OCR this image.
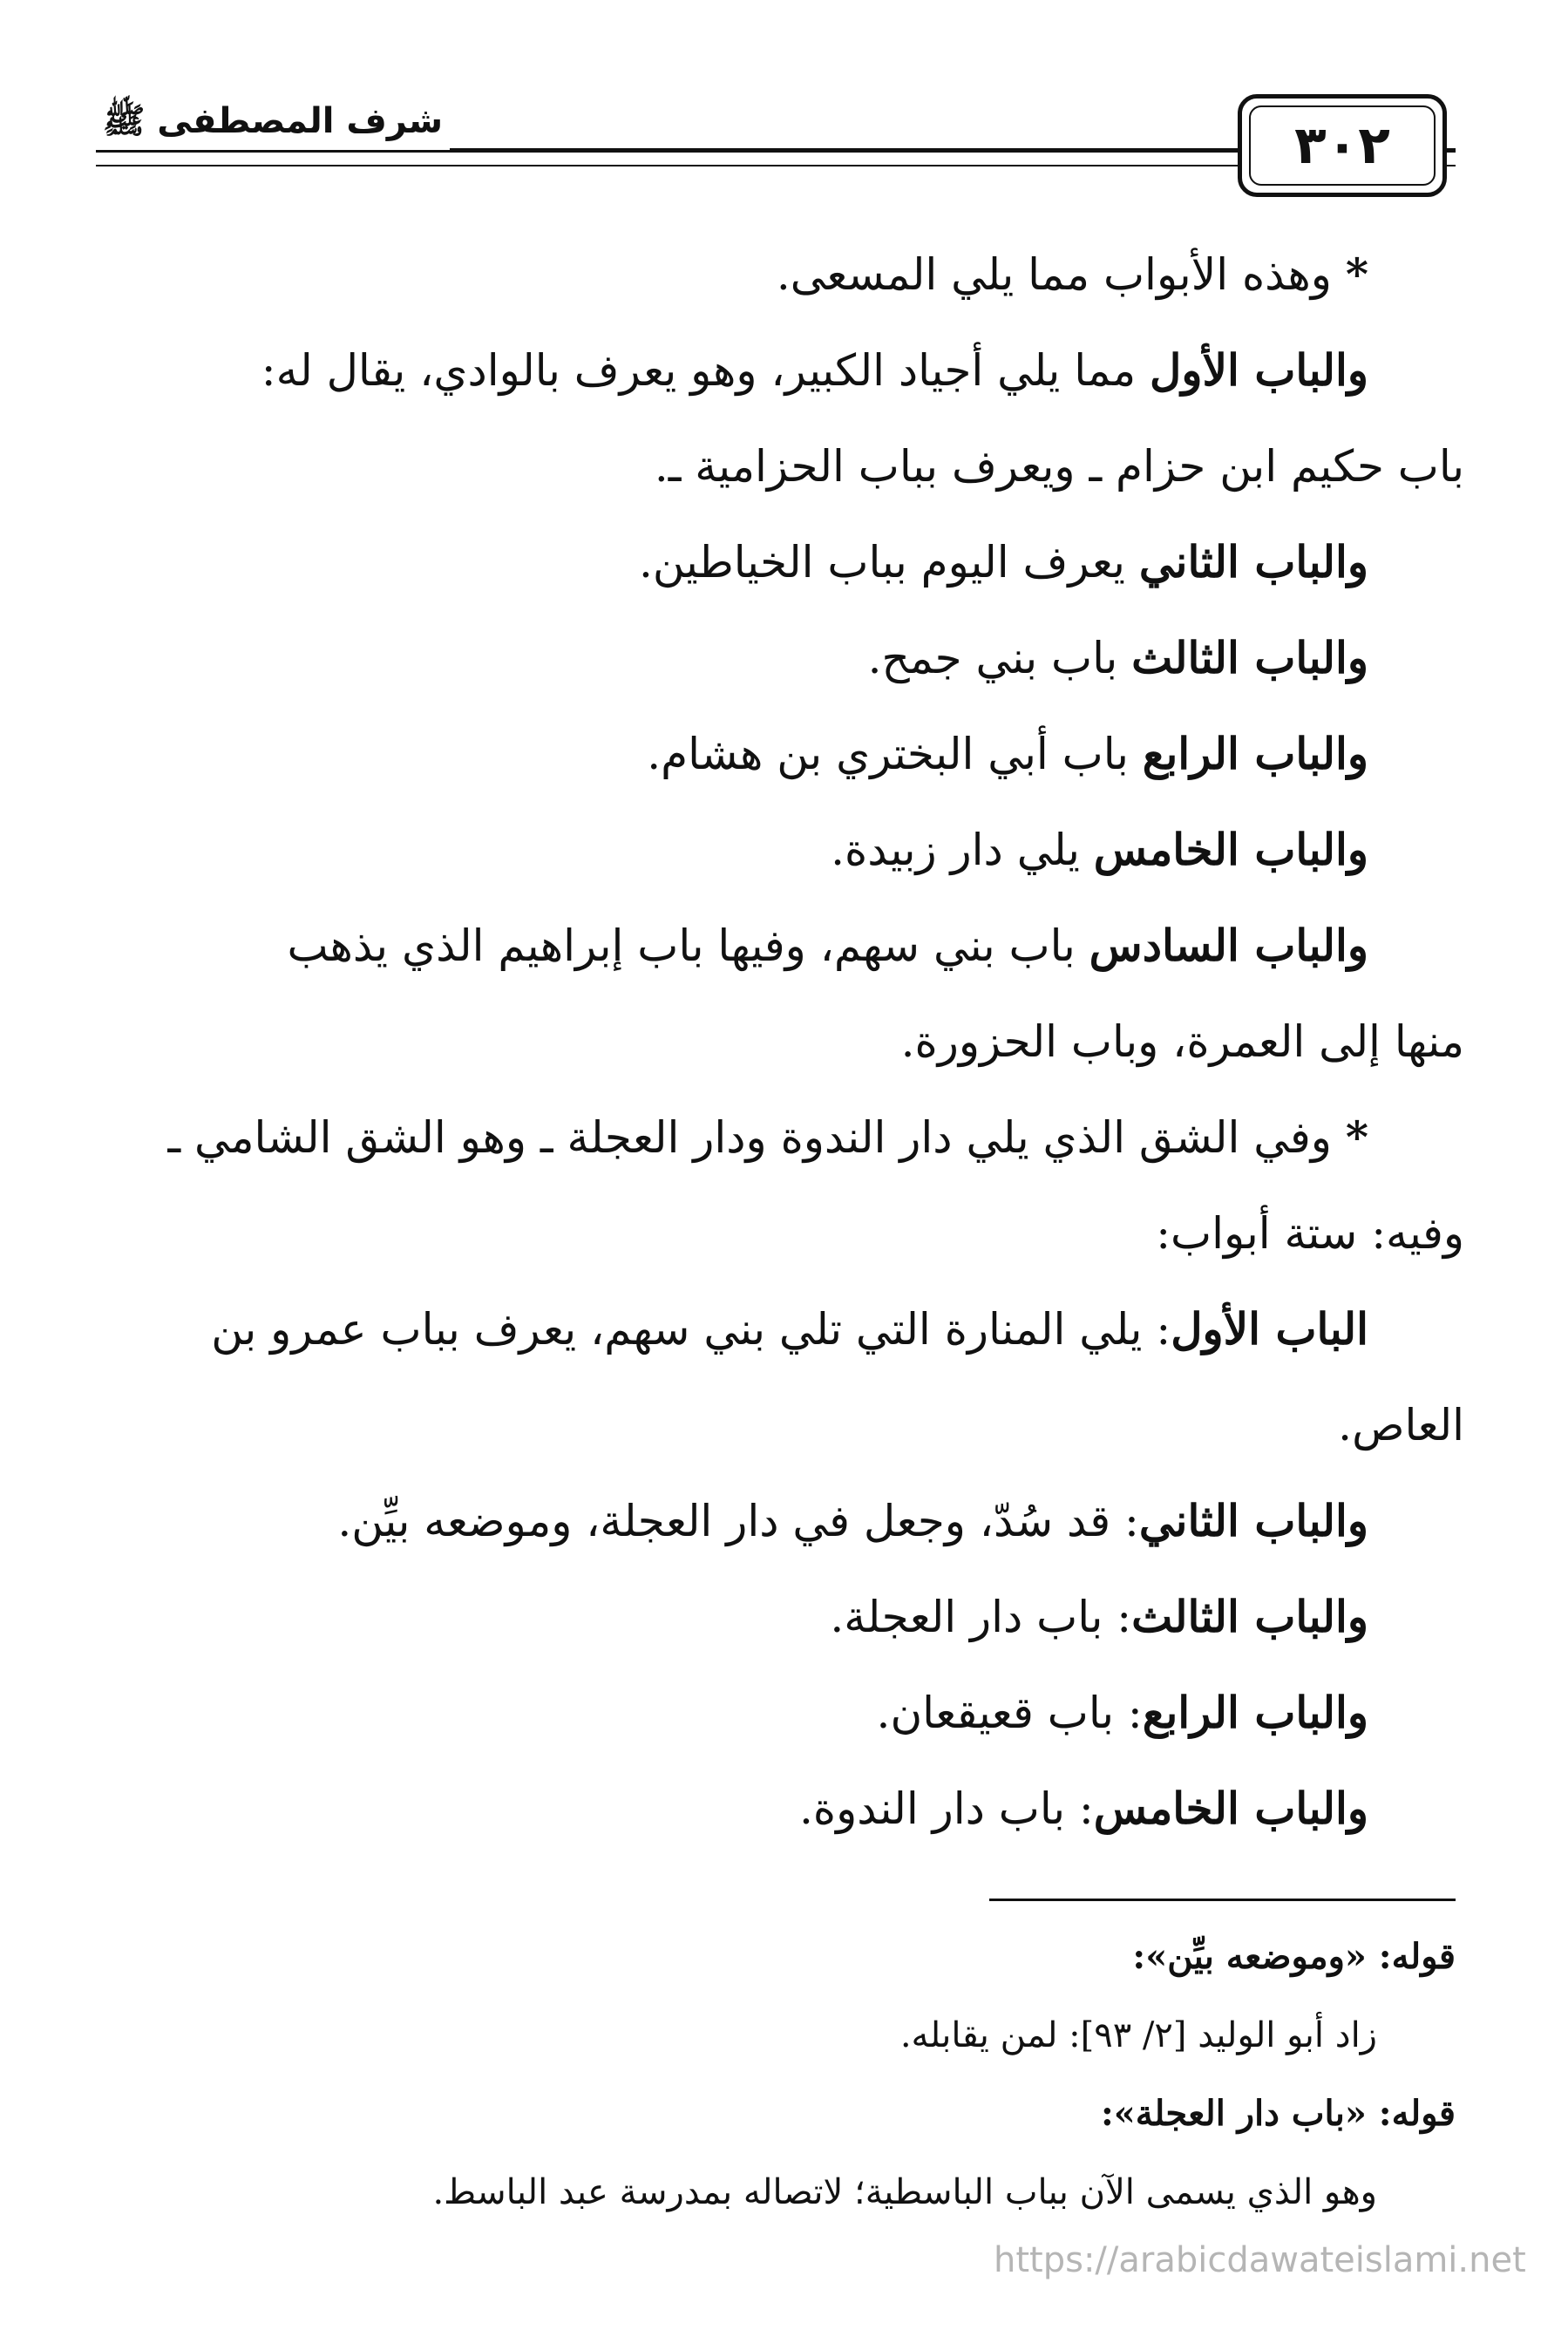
شرف المصطفى ﷺ	٣٠٢

* وهذه الأبواب مما يلي المسعى.

والباب الأول مما يلي أجياد الكبير، وهو يعرف بالوادي، يقال له:

باب حكيم ابن حزام ـ ويعرف بباب الحزامية ـ.

والباب الثاني يعرف اليوم بباب الخياطين.

والباب الثالث باب بني جمح.

والباب الرابع باب أبي البختري بن هشام.

والباب الخامس يلي دار زبيدة.

والباب السادس باب بني سهم، وفيها باب إبراهيم الذي يذهب

منها إلى العمرة، وباب الحزورة.

* وفي الشق الذي يلي دار الندوة ودار العجلة ـ وهو الشق الشامي ـ

وفيه: ستة أبواب:

الباب الأول: يلي المنارة التي تلي بني سهم، يعرف بباب عمرو بن

العاص.

والباب الثاني: قد سُدّ، وجعل في دار العجلة، وموضعه بيِّن.

والباب الثالث: باب دار العجلة.

والباب الرابع: باب قعيقعان.

والباب الخامس: باب دار الندوة.

قوله: «وموضعه بيِّن»:

زاد أبو الوليد [٢/ ٩٣]: لمن يقابله.

قوله: «باب دار العجلة»:

وهو الذي يسمى الآن بباب الباسطية؛ لاتصاله بمدرسة عبد الباسط.

https://arabicdawateislami.net
